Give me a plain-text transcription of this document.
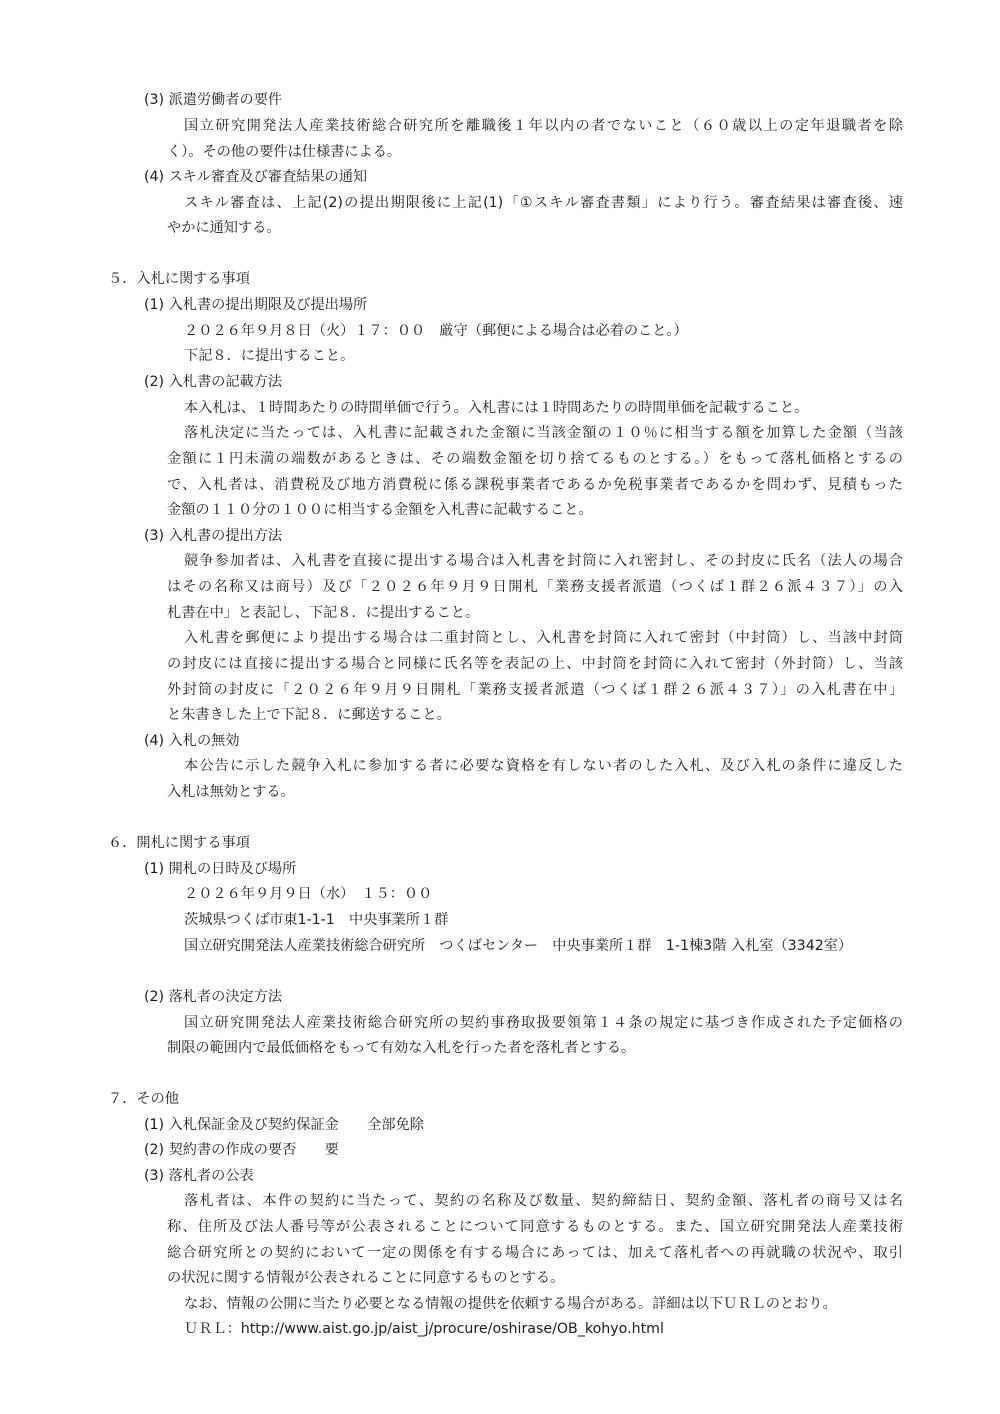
(3) 派遣労働者の要件
国立研究開発法人産業技術総合研究所を離職後１年以内の者でないこと（６０歳以上の定年退職者を除
く）。その他の要件は仕様書による。
(4) スキル審査及び審査結果の通知
スキル審査は、上記(2)の提出期限後に上記(1)「①スキル審査書類」により行う。審査結果は審査後、速
やかに通知する。
５．入札に関する事項
(1) 入札書の提出期限及び提出場所
２０２６年９月８日（火）１７：００　厳守（郵便による場合は必着のこと。）
下記８．に提出すること。
(2) 入札書の記載方法
本入札は、１時間あたりの時間単価で行う。入札書には１時間あたりの時間単価を記載すること。
落札決定に当たっては、入札書に記載された金額に当該金額の１０％に相当する額を加算した金額（当該
金額に１円未満の端数があるときは、その端数金額を切り捨てるものとする。）をもって落札価格とするの
で、入札者は、消費税及び地方消費税に係る課税事業者であるか免税事業者であるかを問わず、見積もった
金額の１１０分の１００に相当する金額を入札書に記載すること。
(3) 入札書の提出方法
競争参加者は、入札書を直接に提出する場合は入札書を封筒に入れ密封し、その封皮に氏名（法人の場合
はその名称又は商号）及び「２０２６年９月９日開札「業務支援者派遣（つくば１群２６派４３７）」の入
札書在中」と表記し、下記８．に提出すること。
入札書を郵便により提出する場合は二重封筒とし、入札書を封筒に入れて密封（中封筒）し、当該中封筒
の封皮には直接に提出する場合と同様に氏名等を表記の上、中封筒を封筒に入れて密封（外封筒）し、当該
外封筒の封皮に「２０２６年９月９日開札「業務支援者派遣（つくば１群２６派４３７）」の入札書在中」
と朱書きした上で下記８．に郵送すること。
(4) 入札の無効
本公告に示した競争入札に参加する者に必要な資格を有しない者のした入札、及び入札の条件に違反した
入札は無効とする。
６．開札に関する事項
(1) 開札の日時及び場所
２０２６年９月９日（水）　１５：００
茨城県つくば市東1-1-1　中央事業所１群
国立研究開発法人産業技術総合研究所　つくばセンター　中央事業所１群　1-1棟3階 入札室（3342室）
(2) 落札者の決定方法
国立研究開発法人産業技術総合研究所の契約事務取扱要領第１４条の規定に基づき作成された予定価格の
制限の範囲内で最低価格をもって有効な入札を行った者を落札者とする。
７．その他
(1) 入札保証金及び契約保証金　　全部免除
(2) 契約書の作成の要否　　要
(3) 落札者の公表
落札者は、本件の契約に当たって、契約の名称及び数量、契約締結日、契約金額、落札者の商号又は名
称、住所及び法人番号等が公表されることについて同意するものとする。また、国立研究開発法人産業技術
総合研究所との契約において一定の関係を有する場合にあっては、加えて落札者への再就職の状況や、取引
の状況に関する情報が公表されることに同意するものとする。
なお、情報の公開に当たり必要となる情報の提供を依頼する場合がある。詳細は以下ＵＲＬのとおり。
ＵＲＬ：http://www.aist.go.jp/aist_j/procure/oshirase/OB_kohyo.html
